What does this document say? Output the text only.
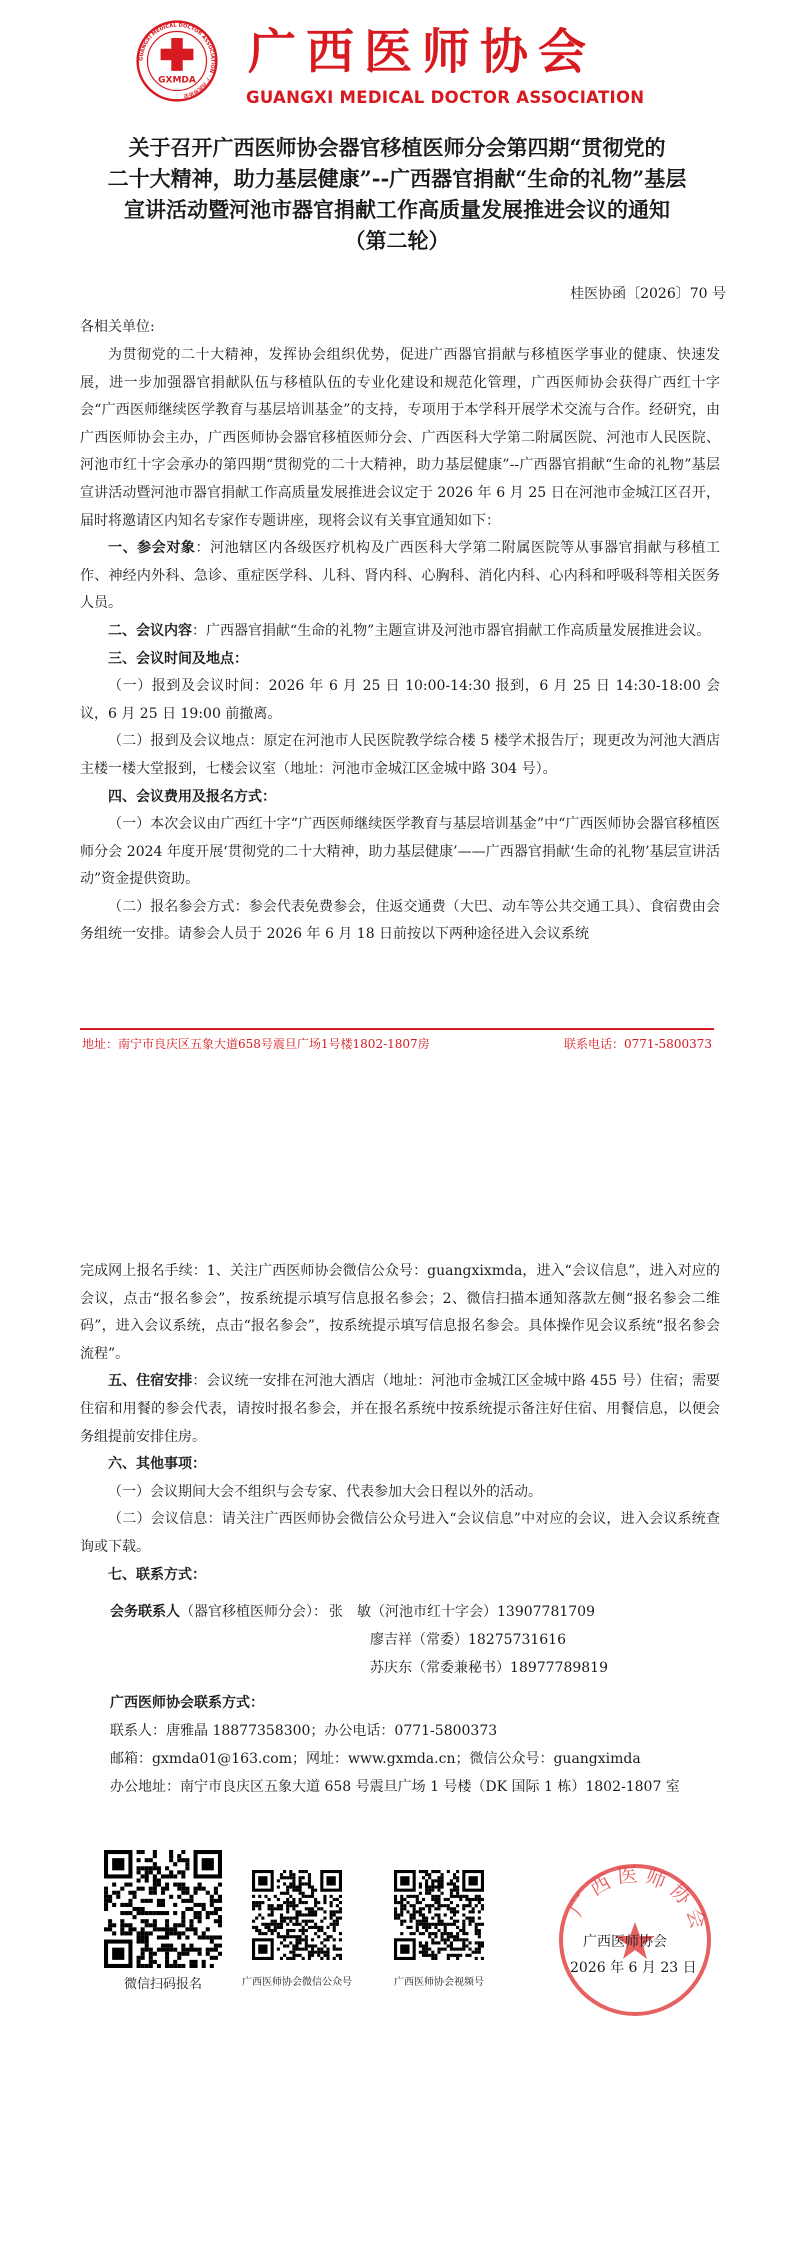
GUANGXI MEDICAL DOCTOR ASSOCIATION · 广西医师协会
GXMDA
广西医师协会
GUANGXI MEDICAL DOCTOR ASSOCIATION
关于召开广西医师协会器官移植医师分会第四期“贯彻党的
二十大精神，助力基层健康”--广西器官捐献“生命的礼物”基层
宣讲活动暨河池市器官捐献工作高质量发展推进会议的通知
（第二轮）
桂医协函〔2026〕70 号
各相关单位:

为贯彻党的二十大精神，发挥协会组织优势，促进广西器官捐献与移植医学事业的健康、快速发展，进一步加强器官捐献队伍与移植队伍的专业化建设和规范化管理，广西医师协会获得广西红十字会“广西医师继续医学教育与基层培训基金”的支持，专项用于本学科开展学术交流与合作。经研究，由广西医师协会主办，广西医师协会器官移植医师分会、广西医科大学第二附属医院、河池市人民医院、河池市红十字会承办的第四期“贯彻党的二十大精神，助力基层健康”--广西器官捐献“生命的礼物”基层宣讲活动暨河池市器官捐献工作高质量发展推进会议定于 2026 年 6 月 25 日在河池市金城江区召开，届时将邀请区内知名专家作专题讲座，现将会议有关事宜通知如下：

一、参会对象：河池辖区内各级医疗机构及广西医科大学第二附属医院等从事器官捐献与移植工作、神经内外科、急诊、重症医学科、儿科、肾内科、心胸科、消化内科、心内科和呼吸科等相关医务人员。

二、会议内容：广西器官捐献“生命的礼物”主题宣讲及河池市器官捐献工作高质量发展推进会议。

三、会议时间及地点：

（一）报到及会议时间：2026 年 6 月 25 日 10:00-14:30 报到，6 月 25 日 14:30-18:00 会议，6 月 25 日 19:00 前撤离。

（二）报到及会议地点：原定在河池市人民医院教学综合楼 5 楼学术报告厅；现更改为河池大酒店主楼一楼大堂报到，七楼会议室（地址：河池市金城江区金城中路 304 号）。

四、会议费用及报名方式：

（一）本次会议由广西红十字“广西医师继续医学教育与基层培训基金”中“广西医师协会器官移植医师分会 2024 年度开展‘贯彻党的二十大精神，助力基层健康’——广西器官捐献‘生命的礼物’基层宣讲活动”资金提供资助。

（二）报名参会方式：参会代表免费参会，住返交通费（大巴、动车等公共交通工具）、食宿费由会务组统一安排。请参会人员于 2026 年 6 月 18 日前按以下两种途径进入会议系统

地址：南宁市良庆区五象大道658号震旦广场1号楼1802-1807房	联系电话：0771-5800373

完成网上报名手续：1、关注广西医师协会微信公众号：guangxixmda，进入“会议信息”，进入对应的会议，点击“报名参会”，按系统提示填写信息报名参会；2、微信扫描本通知落款左侧“报名参会二维码”，进入会议系统，点击“报名参会”，按系统提示填写信息报名参会。具体操作见会议系统“报名参会流程”。

五、住宿安排：会议统一安排在河池大酒店（地址：河池市金城江区金城中路 455 号）住宿；需要住宿和用餐的参会代表，请按时报名参会，并在报名系统中按系统提示备注好住宿、用餐信息，以便会务组提前安排住房。

六、其他事项：

（一）会议期间大会不组织与会专家、代表参加大会日程以外的活动。

（二）会议信息：请关注广西医师协会微信公众号进入“会议信息”中对应的会议，进入会议系统查询或下载。

七、联系方式：

会务联系人（器官移植医师分会）： 张　敏（河池市红十字会）13907781709
廖吉祥（常委）18275731616
苏庆东（常委兼秘书）18977789819
广西医师协会联系方式：
联系人：唐雅晶 18877358300；办公电话：0771-5800373
邮箱：gxmda01@163.com；网址：www.gxmda.cn；微信公众号：guangximda
办公地址：南宁市良庆区五象大道 658 号震旦广场 1 号楼（DK 国际 1 栋）1802-1807 室
微信扫码报名	广西医师协会微信公众号	广西医师协会视频号
广西医师协会
广西医师协会
2026 年 6 月 23 日
